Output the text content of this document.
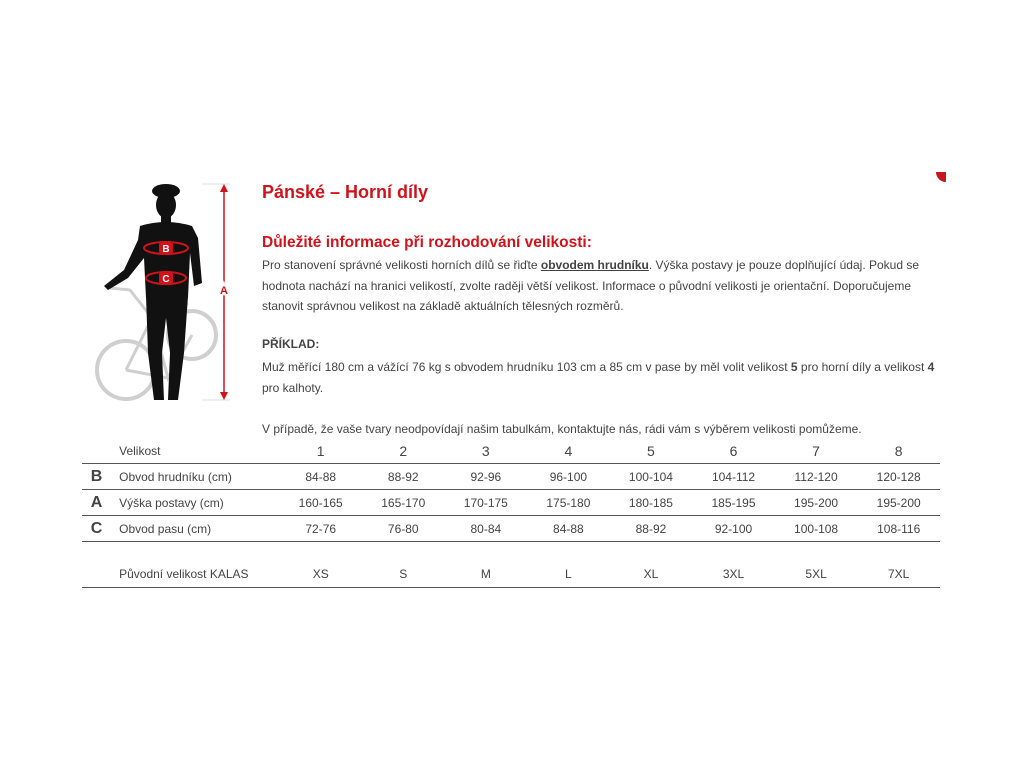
B
C
A
Pánské – Horní díly
Důležité informace při rozhodování velikosti:

Pro stanovení správné velikosti horních dílů se řiďte obvodem hrudníku. Výška postavy je pouze doplňující údaj. Pokud se hodnota nachází na hranici velikostí, zvolte raději větší velikost. Informace o původní velikosti je orientační. Doporučujeme stanovit správnou velikost na základě aktuálních tělesných rozměrů.

PŘÍKLAD:

Muž měřící 180 cm a vážící 76 kg s obvodem hrudníku 103 cm a 85 cm v pase by měl volit velikost 5 pro horní díly a velikost 4 pro kalhoty.

V případě, že vaše tvary neodpovídají našim tabulkám, kontaktujte nás, rádi vám s výběrem velikosti pomůžeme.

	Velikost	1	2	3	4	5	6	7	8
B	Obvod hrudníku (cm)	84-88	88-92	92-96	96-100	100-104	104-112	112-120	120-128
A	Výška postavy (cm)	160-165	165-170	170-175	175-180	180-185	185-195	195-200	195-200
C	Obvod pasu (cm)	72-76	76-80	80-84	84-88	88-92	92-100	100-108	108-116

	Původní velikost KALAS	XS	S	M	L	XL	3XL	5XL	7XL
